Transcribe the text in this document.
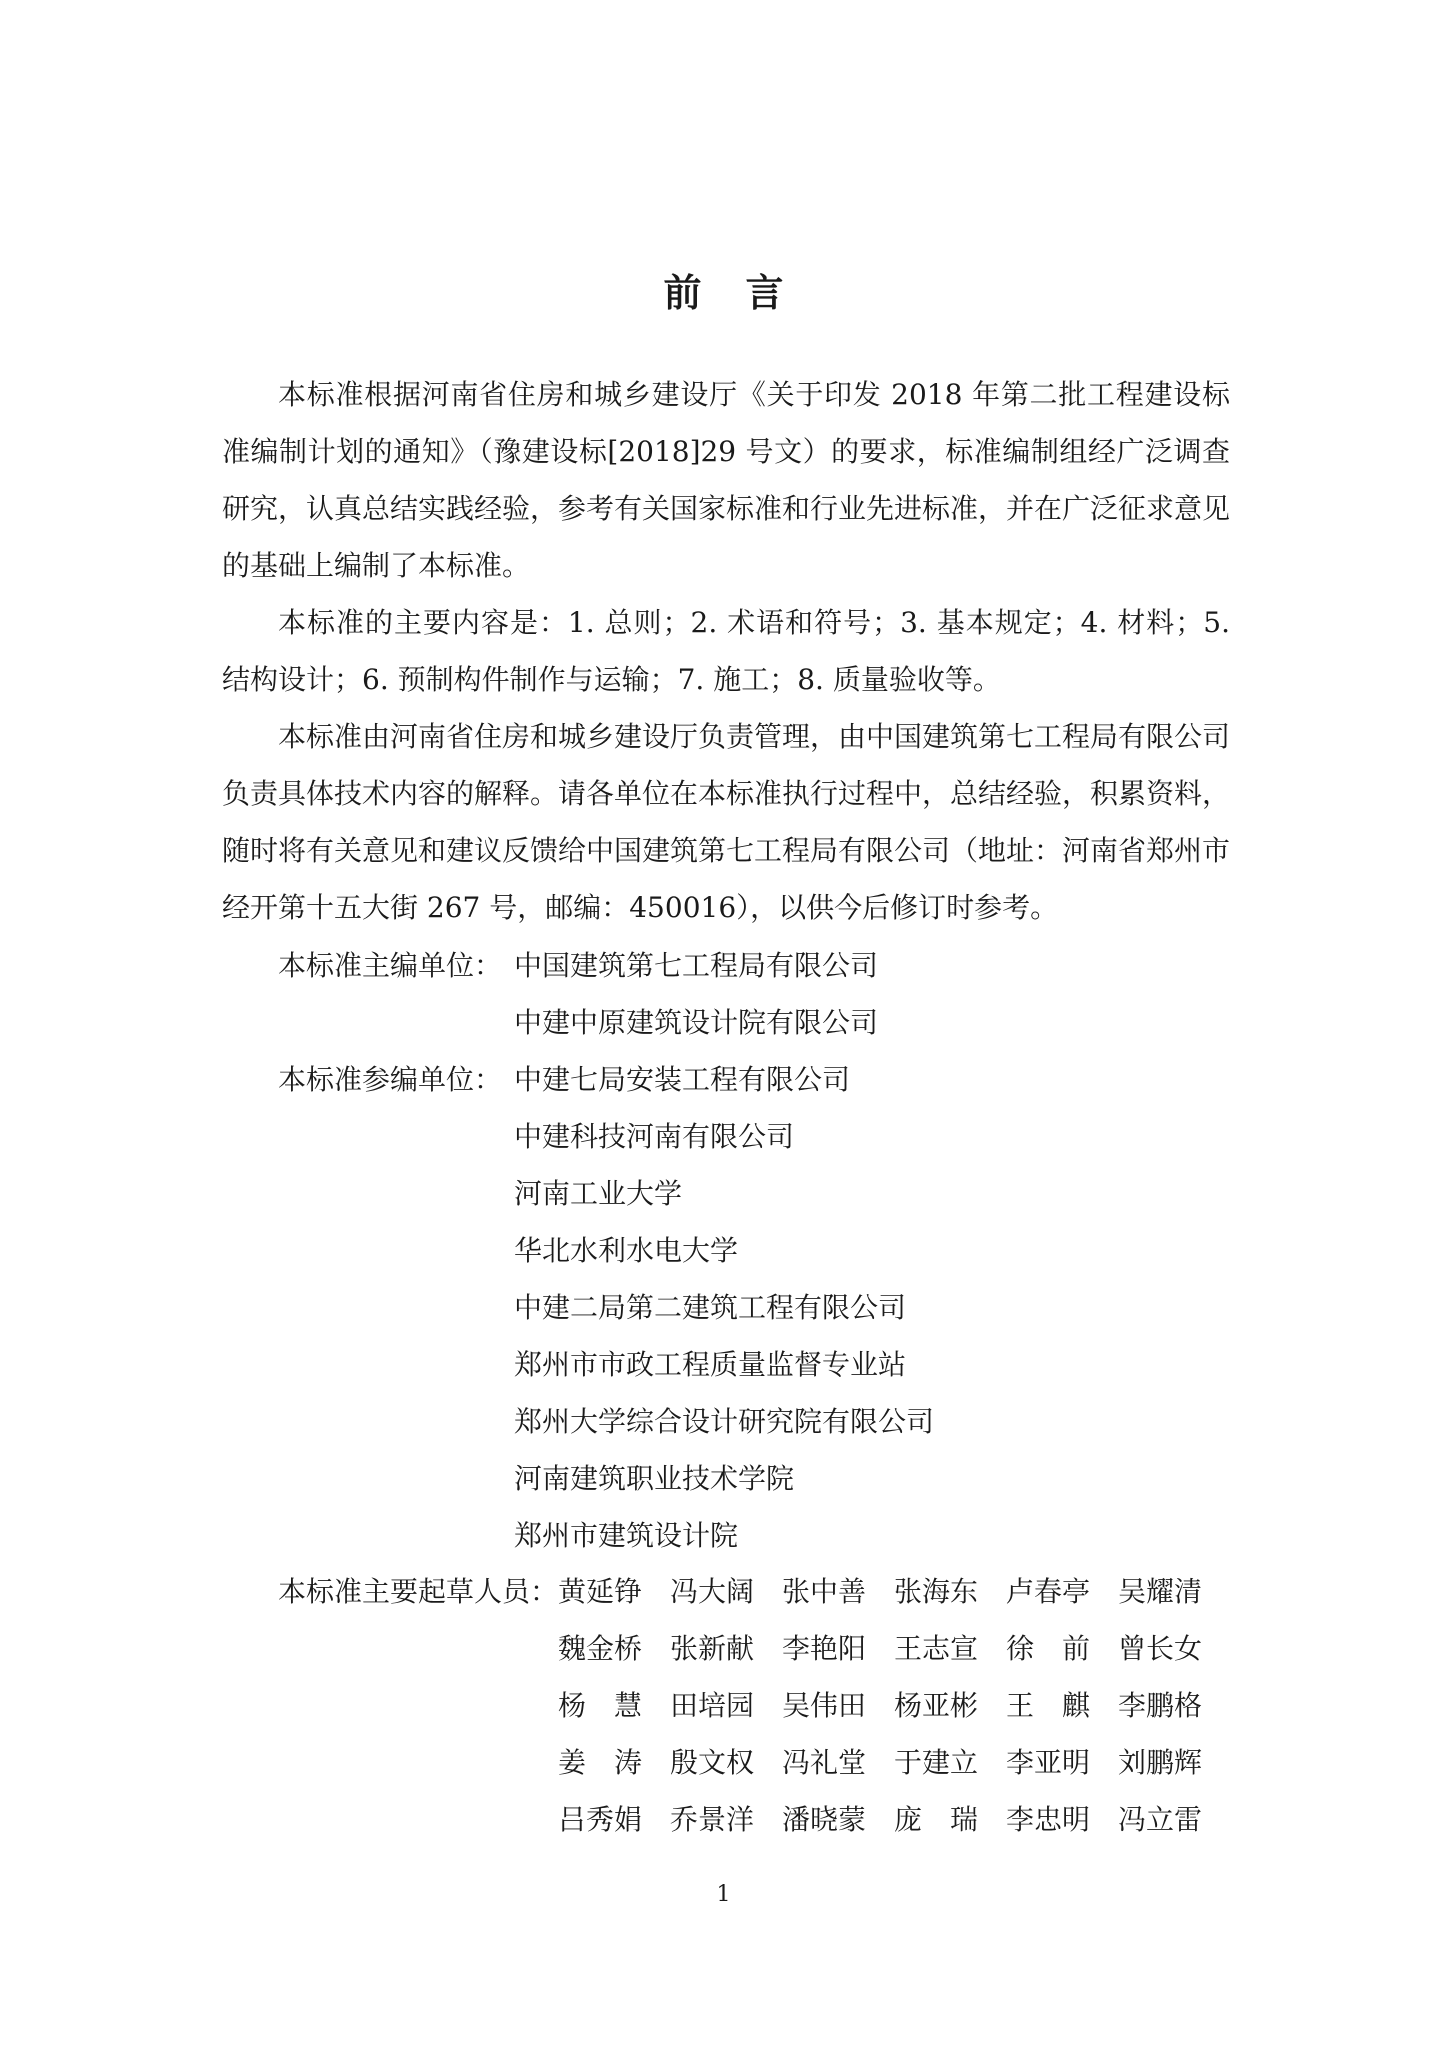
前 言

本标准根据河南省住房和城乡建设厅《关于印发 2018 年第二批工程建设标准编制计划的通知》（豫建设标[2018]29 号文）的要求，标准编制组经广泛调查研究，认真总结实践经验，参考有关国家标准和行业先进标准，并在广泛征求意见的基础上编制了本标准。

本标准的主要内容是：1. 总则；2. 术语和符号；3. 基本规定；4. 材料；5. 结构设计；6. 预制构件制作与运输；7. 施工；8. 质量验收等。

本标准由河南省住房和城乡建设厅负责管理，由中国建筑第七工程局有限公司负责具体技术内容的解释。请各单位在本标准执行过程中，总结经验，积累资料，随时将有关意见和建议反馈给中国建筑第七工程局有限公司（地址：河南省郑州市经开第十五大街 267 号，邮编：450016），以供今后修订时参考。

本标准主编单位： 中国建筑第七工程局有限公司
中建中原建筑设计院有限公司
本标准参编单位： 中建七局安装工程有限公司
中建科技河南有限公司
河南工业大学
华北水利水电大学
中建二局第二建筑工程有限公司
郑州市市政工程质量监督专业站
郑州大学综合设计研究院有限公司
河南建筑职业技术学院
郑州市建筑设计院
本标准主要起草人员： 黄延铮 冯大阔 张中善 张海东 卢春亭 吴耀清
魏金桥 张新献 李艳阳 王志宣 徐　前 曾长女
杨　慧 田培园 吴伟田 杨亚彬 王　麒 李鹏格
姜　涛 殷文权 冯礼堂 于建立 李亚明 刘鹏辉
吕秀娟 乔景洋 潘晓蒙 庞　瑞 李忠明 冯立雷
1
